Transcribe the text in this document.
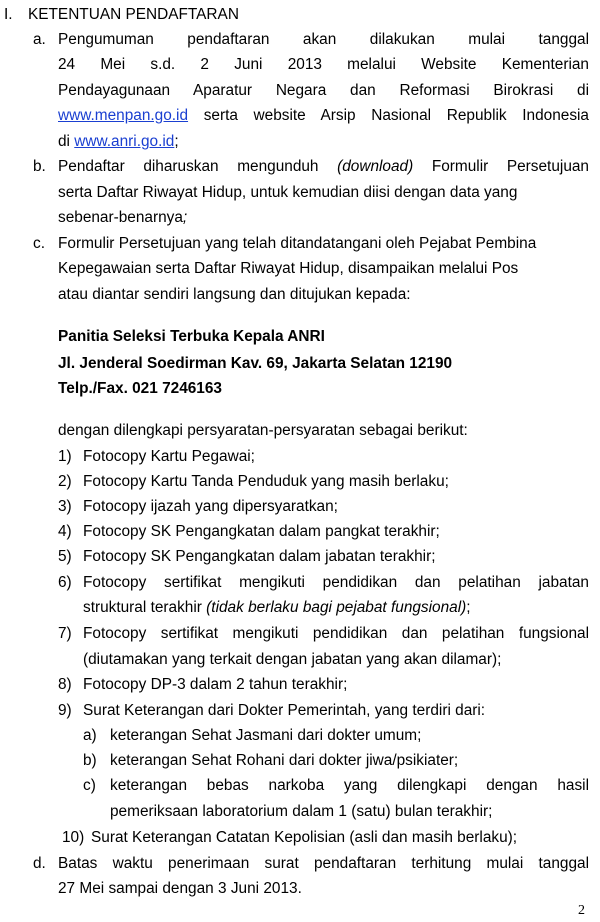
I. KETENTUAN PENDAFTARAN
a. Pengumuman pendaftaran akan dilakukan mulai tanggal
24 Mei s.d. 2 Juni 2013 melalui Website Kementerian
Pendayagunaan Aparatur Negara dan Reformasi Birokrasi di
www.menpan.go.id serta website Arsip Nasional Republik Indonesia
di www.anri.go.id;
b. Pendaftar diharuskan mengunduh (download) Formulir Persetujuan
serta Daftar Riwayat Hidup, untuk kemudian diisi dengan data yang
sebenar-benarnya;
c. Formulir Persetujuan yang telah ditandatangani oleh Pejabat Pembina
Kepegawaian serta Daftar Riwayat Hidup, disampaikan melalui Pos
atau diantar sendiri langsung dan ditujukan kepada:
Panitia Seleksi Terbuka Kepala ANRI
Jl. Jenderal Soedirman Kav. 69, Jakarta Selatan 12190
Telp./Fax. 021 7246163
dengan dilengkapi persyaratan-persyaratan sebagai berikut:
1) Fotocopy Kartu Pegawai;
2) Fotocopy Kartu Tanda Penduduk yang masih berlaku;
3) Fotocopy ijazah yang dipersyaratkan;
4) Fotocopy SK Pengangkatan dalam pangkat terakhir;
5) Fotocopy SK Pengangkatan dalam jabatan terakhir;
6) Fotocopy sertifikat mengikuti pendidikan dan pelatihan jabatan
struktural terakhir (tidak berlaku bagi pejabat fungsional);
7) Fotocopy sertifikat mengikuti pendidikan dan pelatihan fungsional
(diutamakan yang terkait dengan jabatan yang akan dilamar);
8) Fotocopy DP-3 dalam 2 tahun terakhir;
9) Surat Keterangan dari Dokter Pemerintah, yang terdiri dari:
a) keterangan Sehat Jasmani dari dokter umum;
b) keterangan Sehat Rohani dari dokter jiwa/psikiater;
c) keterangan bebas narkoba yang dilengkapi dengan hasil
pemeriksaan laboratorium dalam 1 (satu) bulan terakhir;
10) Surat Keterangan Catatan Kepolisian (asli dan masih berlaku);
d. Batas waktu penerimaan surat pendaftaran terhitung mulai tanggal
27 Mei sampai dengan 3 Juni 2013.
2
